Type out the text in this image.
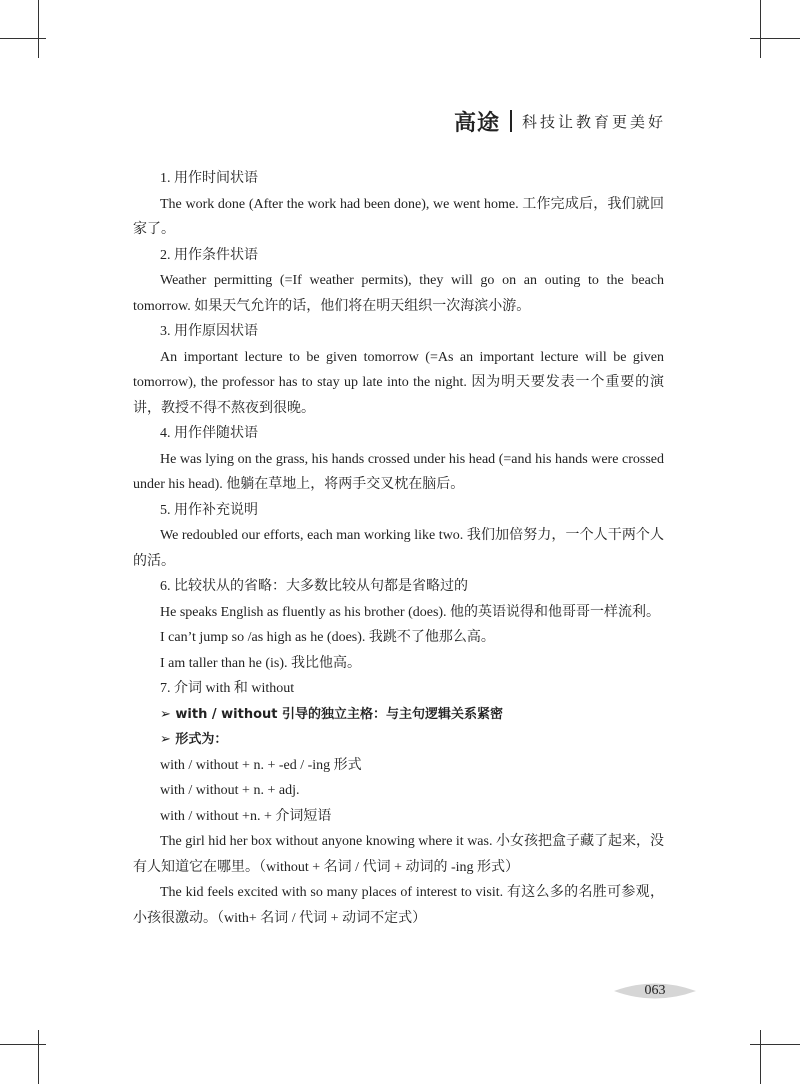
高途 科技让教育更美好

1. 用作时间状语

The work done (After the work had been done), we went home. 工作完成后，我们就回家了。

2. 用作条件状语

Weather permitting (=If weather permits), they will go on an outing to the beach tomorrow. 如果天气允许的话，他们将在明天组织一次海滨小游。

3. 用作原因状语

An important lecture to be given tomorrow (=As an important lecture will be given tomorrow), the professor has to stay up late into the night. 因为明天要发表一个重要的演讲，教授不得不熬夜到很晚。

4. 用作伴随状语

He was lying on the grass, his hands crossed under his head (=and his hands were crossed under his head). 他躺在草地上，将两手交叉枕在脑后。

5. 用作补充说明

We redoubled our efforts, each man working like two. 我们加倍努力，一个人干两个人的活。

6. 比较状从的省略：大多数比较从句都是省略过的

He speaks English as fluently as his brother (does). 他的英语说得和他哥哥一样流利。

I can’t jump so /as high as he (does). 我跳不了他那么高。

I am taller than he (is). 我比他高。

7. 介词 with 和 without

➢ with / without 引导的独立主格：与主句逻辑关系紧密

➢ 形式为：

with / without + n. + -ed / -ing 形式

with / without + n. + adj.

with / without +n. + 介词短语

The girl hid her box without anyone knowing where it was. 小女孩把盒子藏了起来，没有人知道它在哪里。（without + 名词 / 代词 + 动词的 -ing 形式）

The kid feels excited with so many places of interest to visit. 有这么多的名胜可参观，小孩很激动。（with+ 名词 / 代词 + 动词不定式）

063
